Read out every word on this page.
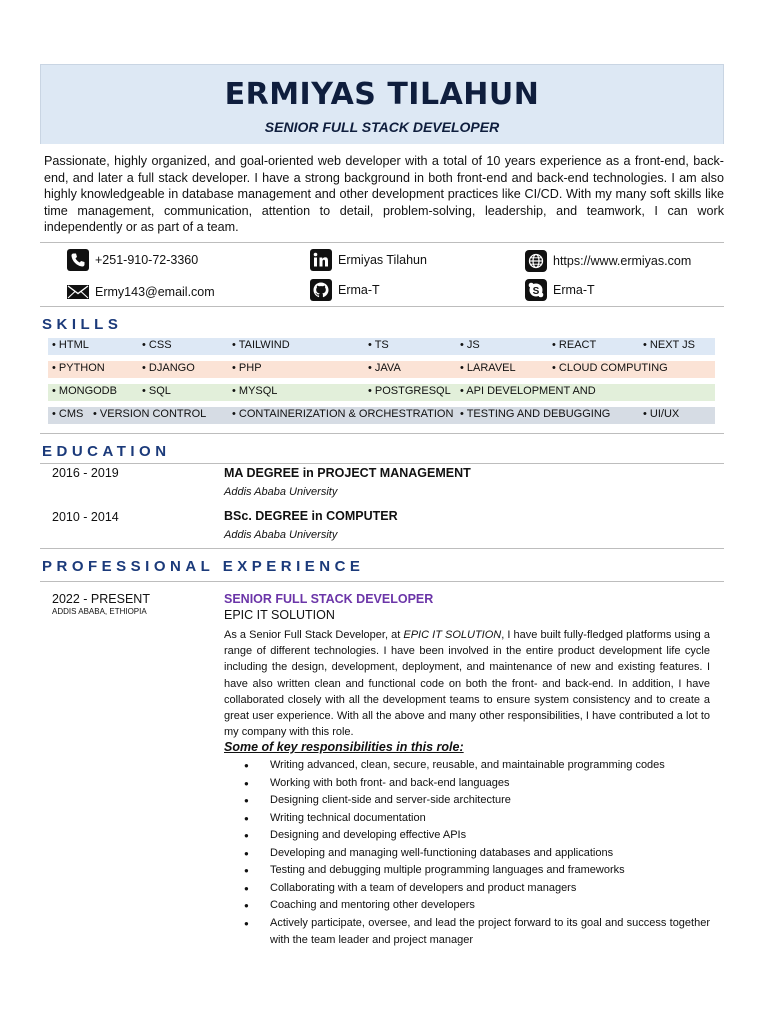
ERMIYAS TILAHUN
SENIOR FULL STACK DEVELOPER
Passionate, highly organized, and goal-oriented web developer with a total of 10 years experience as a front-end, back-end, and later a full stack developer. I have a strong background in both front-end and back-end technologies. I am also highly knowledgeable in database management and other development practices like CI/CD. With my many soft skills like time management, communication, attention to detail, problem-solving, leadership, and teamwork, I can work independently or as part of a team.
+251-910-72-3360	Ermiyas Tilahun	https://www.ermiyas.com
Ermy143@email.com	Erma-T	S Erma-T
SKILLS
• HTML	• CSS	• TAILWIND	• TS	• JS	• REACT	• NEXT JS
• PYTHON	• DJANGO	• PHP	• JAVA	• LARAVEL	• CLOUD COMPUTING
• MONGODB • SQL	• MYSQL	• POSTGRESQL • API DEVELOPMENT AND
• CMS • VERSION CONTROL • CONTAINERIZATION & ORCHESTRATION • TESTING AND DEBUGGING	• UI/UX
EDUCATION
2016 - 2019	MA DEGREE in PROJECT MANAGEMENT
Addis Ababa University
2010 - 2014	BSc. DEGREE in COMPUTER
Addis Ababa University
PROFESSIONAL EXPERIENCE
2022 - PRESENT
ADDIS ABABA, ETHIOPIA
SENIOR FULL STACK DEVELOPER
EPIC IT SOLUTION
As a Senior Full Stack Developer, at EPIC IT SOLUTION, I have built fully-fledged platforms using a range of different technologies. I have been involved in the entire product development life cycle including the design, development, deployment, and maintenance of new and existing features. I have also written clean and functional code on both the front- and back-end. In addition, I have collaborated closely with all the development teams to ensure system consistency and to create a great user experience. With all the above and many other responsibilities, I have contributed a lot to my company with this role.
Some of key responsibilities in this role:
● Writing advanced, clean, secure, reusable, and maintainable programming codes
● Working with both front- and back-end languages
● Designing client-side and server-side architecture
● Writing technical documentation
● Designing and developing effective APIs
● Developing and managing well-functioning databases and applications
● Testing and debugging multiple programming languages and frameworks
● Collaborating with a team of developers and product managers
● Coaching and mentoring other developers
● Actively participate, oversee, and lead the project forward to its goal and success together with the team leader and project manager
